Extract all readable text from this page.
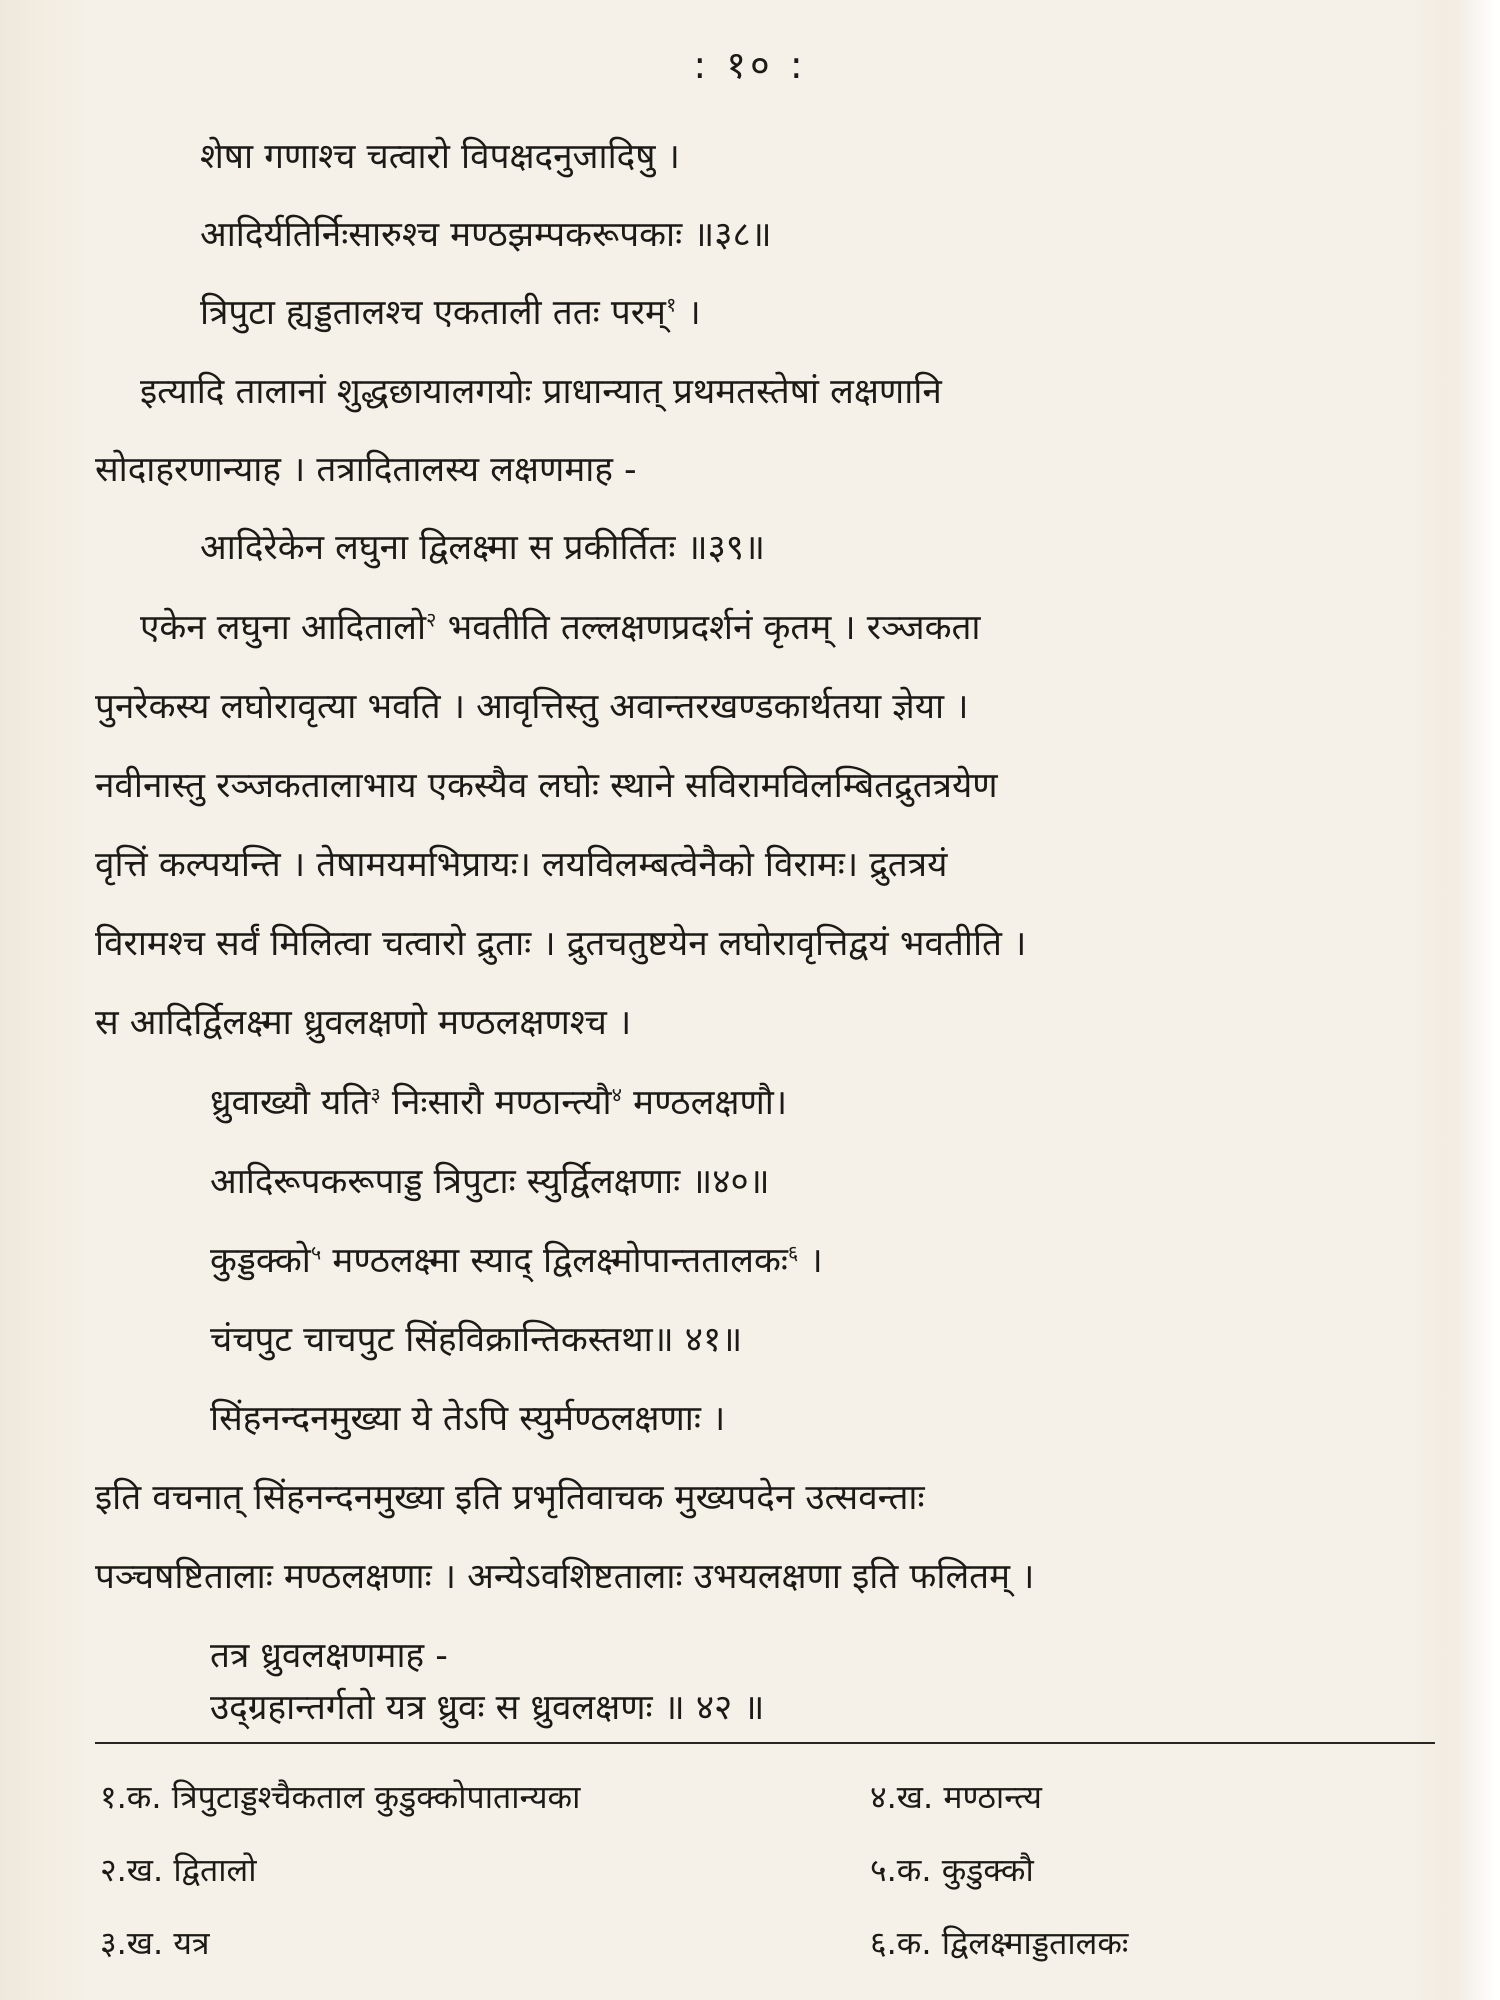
: १० :
शेषा गणाश्च चत्वारो विपक्षदनुजादिषु ।
आदिर्यतिर्निःसारुश्च मण्ठझम्पकरूपकाः ॥३८॥
त्रिपुटा ह्यड्डतालश्च एकताली ततः परम्$^१$ ।
इत्यादि तालानां शुद्धछायालगयोः प्राधान्यात् प्रथमतस्तेषां लक्षणानि
सोदाहरणान्याह । तत्रादितालस्य लक्षणमाह -
आदिरेकेन लघुना द्विलक्ष्मा स प्रकीर्तितः ॥३९॥
एकेन लघुना आदितालो$^२$ भवतीति तल्लक्षणप्रदर्शनं कृतम् । रञ्जकता
पुनरेकस्य लघोरावृत्या भवति । आवृत्तिस्तु अवान्तरखण्डकार्थतया ज्ञेया ।
नवीनास्तु रञ्जकतालाभाय एकस्यैव लघोः स्थाने सविरामविलम्बितद्रुतत्रयेण
वृत्तिं कल्पयन्ति । तेषामयमभिप्रायः। लयविलम्बत्वेनैको विरामः। द्रुतत्रयं
विरामश्च सर्वं मिलित्वा चत्वारो द्रुताः । द्रुतचतुष्टयेन लघोरावृत्तिद्वयं भवतीति ।
स आदिर्द्विलक्ष्मा ध्रुवलक्षणो मण्ठलक्षणश्च ।
ध्रुवाख्यौ यति$^३$ निःसारौ मण्ठान्त्यौ$^४$ मण्ठलक्षणौ।
आदिरूपकरूपाड्ड त्रिपुटाः स्युर्द्विलक्षणाः ॥४०॥
कुड्डक्को$^५$ मण्ठलक्ष्मा स्याद् द्विलक्ष्मोपान्ततालकः$^६$ ।
चंचपुट चाचपुट सिंहविक्रान्तिकस्तथा॥ ४१॥
सिंहनन्दनमुख्या ये तेऽपि स्युर्मण्ठलक्षणाः ।
इति वचनात् सिंहनन्दनमुख्या इति प्रभृतिवाचक मुख्यपदेन उत्सवन्ताः
पञ्चषष्टितालाः मण्ठलक्षणाः । अन्येऽवशिष्टतालाः उभयलक्षणा इति फलितम् ।
तत्र ध्रुवलक्षणमाह -
उद्ग्रहान्तर्गतो यत्र ध्रुवः स ध्रुवलक्षणः ॥ ४२ ॥
१.क. त्रिपुटाड्डश्चैकताल कुडुक्कोपातान्यका
२.ख. द्वितालो
३.ख. यत्र
४.ख. मण्ठान्त्य
५.क. कुडुक्कौ
६.क. द्विलक्ष्माड्डतालकः
